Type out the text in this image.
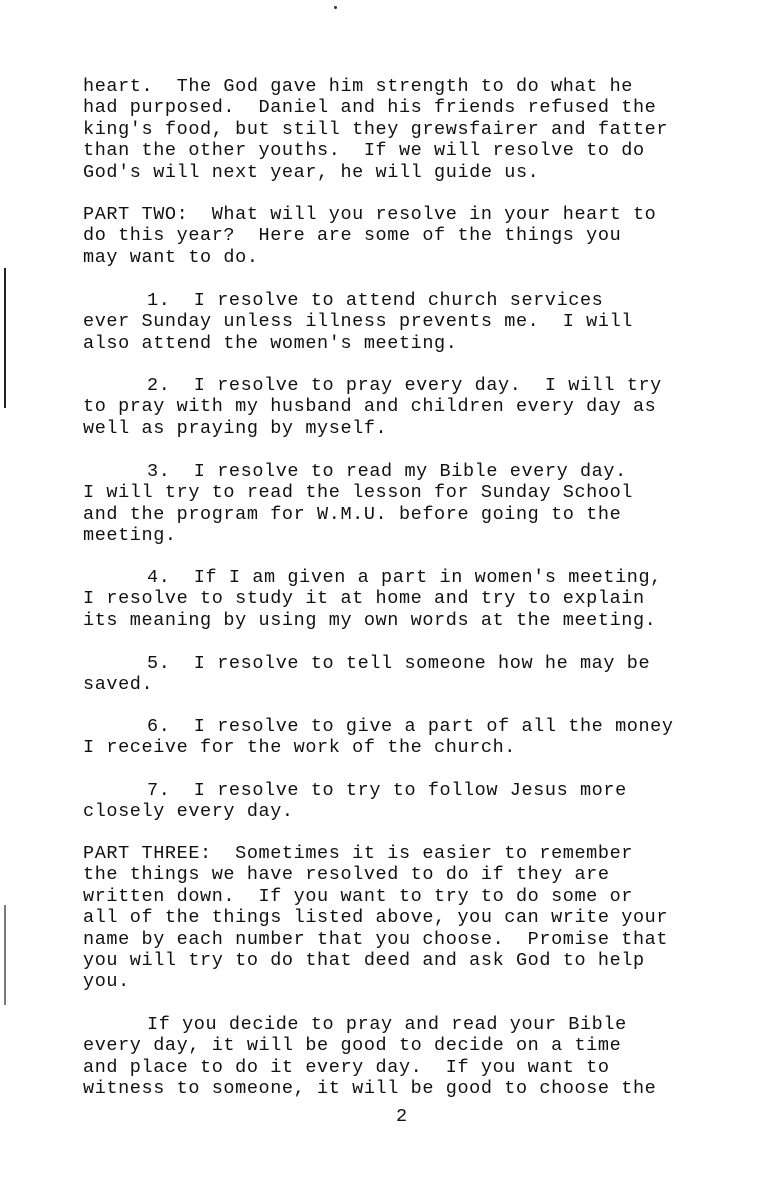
heart.  The God gave him strength to do what he
had purposed.  Daniel and his friends refused the
king's food, but still they grewsfairer and fatter
than the other youths.  If we will resolve to do
God's will next year, he will guide us.
PART TWO:  What will you resolve in your heart to
do this year?  Here are some of the things you
may want to do.
1.  I resolve to attend church services
ever Sunday unless illness prevents me.  I will
also attend the women's meeting.
2.  I resolve to pray every day.  I will try
to pray with my husband and children every day as
well as praying by myself.
3.  I resolve to read my Bible every day.
I will try to read the lesson for Sunday School
and the program for W.M.U. before going to the
meeting.
4.  If I am given a part in women's meeting,
I resolve to study it at home and try to explain
its meaning by using my own words at the meeting.
5.  I resolve to tell someone how he may be
saved.
6.  I resolve to give a part of all the money
I receive for the work of the church.
7.  I resolve to try to follow Jesus more
closely every day.
PART THREE:  Sometimes it is easier to remember
the things we have resolved to do if they are
written down.  If you want to try to do some or
all of the things listed above, you can write your
name by each number that you choose.  Promise that
you will try to do that deed and ask God to help
you.
If you decide to pray and read your Bible
every day, it will be good to decide on a time
and place to do it every day.  If you want to
witness to someone, it will be good to choose the

2
